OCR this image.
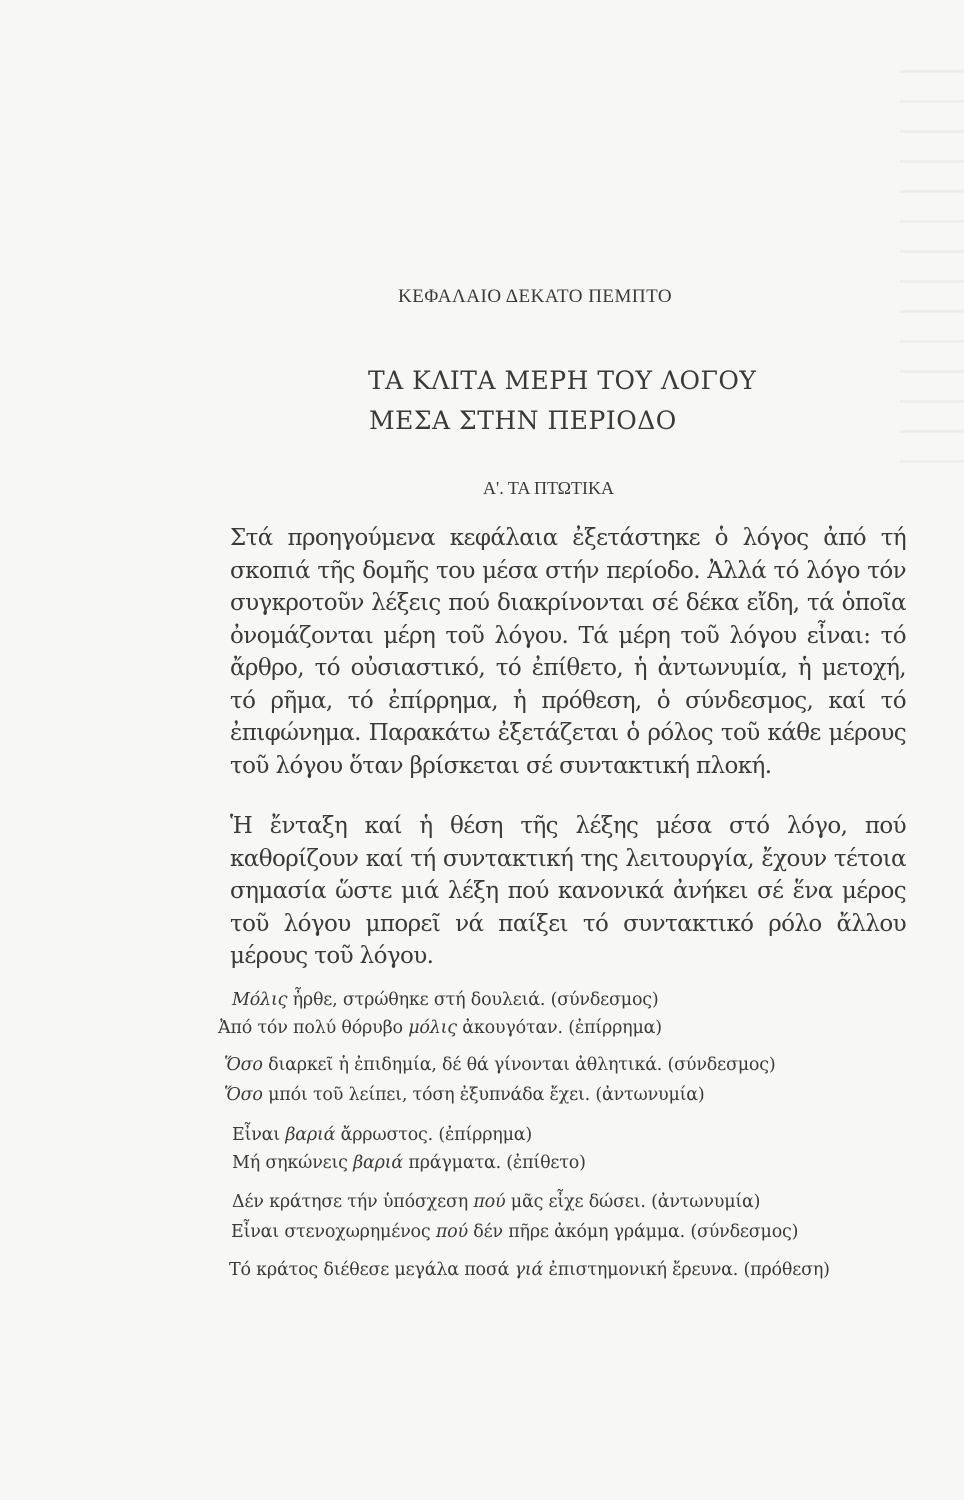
ΚΕΦΑΛΑΙΟ ΔΕΚΑΤΟ ΠΕΜΠΤΟ
ΤΑ ΚΛΙΤΑ ΜΕΡΗ ΤΟΥ ΛΟΓΟΥ
ΜΕΣΑ ΣΤΗΝ ΠΕΡΙΟΔΟ
Α'. ΤΑ ΠΤΩΤΙΚΑ
Στά προηγούμενα κεφάλαια ἐξετάστηκε ὁ λόγος ἀπό τή σκοπιά τῆς δομῆς του μέσα στήν περίοδο. Ἀλλά τό λόγο τόν συγκροτοῦν λέξεις πού διακρίνονται σέ δέκα εἴδη, τά ὁποῖα ὀνομάζονται μέρη τοῦ λόγου. Τά μέρη τοῦ λόγου εἶναι: τό ἄρθρο, τό οὐσιαστικό, τό ἐπίθετο, ἡ ἀντωνυμία, ἡ μετοχή, τό ρῆμα, τό ἐπίρρημα, ἡ πρόθεση, ὁ σύνδεσμος, καί τό ἐπιφώνημα. Παρακάτω ἐξετάζεται ὁ ρόλος τοῦ κάθε μέρους τοῦ λόγου ὅταν βρίσκεται σέ συντακτική πλοκή.
Ἡ ἔνταξη καί ἡ θέση τῆς λέξης μέσα στό λόγο, πού καθορίζουν καί τή συντακτική της λειτουργία, ἔχουν τέτοια σημασία ὥστε μιά λέξη πού κανονικά ἀνήκει σέ ἕνα μέρος τοῦ λόγου μπορεῖ νά παίξει τό συντακτικό ρόλο ἄλλου μέρους τοῦ λόγου.
Μόλις ἦρθε, στρώθηκε στή δουλειά. (σύνδεσμος)
Ἀπό τόν πολύ θόρυβο μόλις ἀκουγόταν. (ἐπίρρημα)
Ὅσο διαρκεῖ ἡ ἐπιδημία, δέ θά γίνονται ἀθλητικά. (σύνδεσμος)
Ὅσο μπόι τοῦ λείπει, τόση ἐξυπνάδα ἔχει. (ἀντωνυμία)
Εἶναι βαριά ἄρρωστος. (ἐπίρρημα)
Μή σηκώνεις βαριά πράγματα. (ἐπίθετο)
Δέν κράτησε τήν ὑπόσχεση πού μᾶς εἶχε δώσει. (ἀντωνυμία)
Εἶναι στενοχωρημένος πού δέν πῆρε ἀκόμη γράμμα. (σύνδεσμος)
Τό κράτος διέθεσε μεγάλα ποσά γιά ἐπιστημονική ἔρευνα. (πρόθεση)
